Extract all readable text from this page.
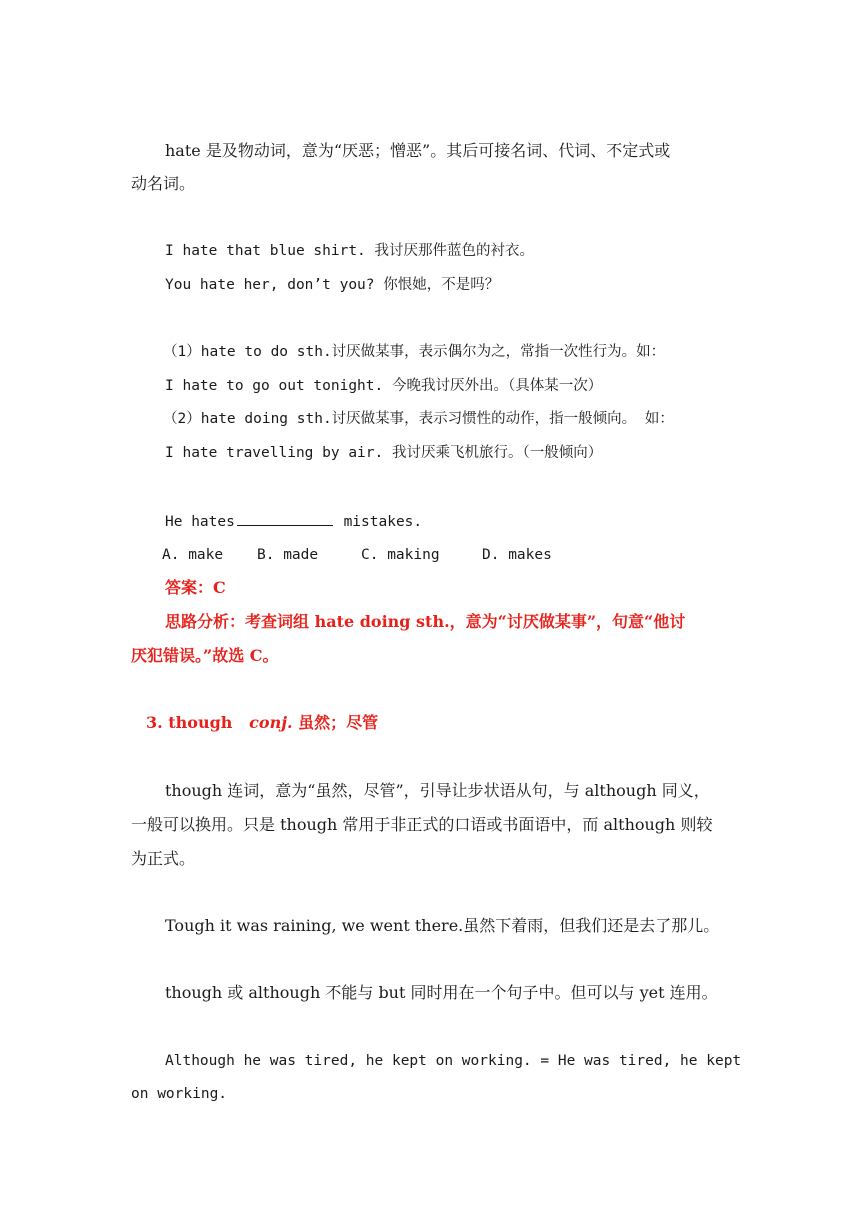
hate 是及物动词，意为“厌恶；憎恶”。其后可接名词、代词、不定式或
动名词。
I hate that blue shirt. 我讨厌那件蓝色的衬衣。
You hate her, don’t you? 你恨她，不是吗？
（1）hate to do sth.讨厌做某事，表示偶尔为之，常指一次性行为。如：
I hate to go out tonight. 今晚我讨厌外出。（具体某一次）
（2）hate doing sth.讨厌做某事，表示习惯性的动作，指一般倾向。 如：
I hate travelling by air. 我讨厌乘飞机旅行。（一般倾向）
He hates	mistakes.
A. make B. made	C. making	D. makes
答案：C
思路分析：考查词组 hate doing sth.，意为“讨厌做某事”，句意“他讨
厌犯错误。”故选 C。
3. though conj. 虽然；尽管
though 连词，意为“虽然，尽管”，引导让步状语从句，与 although 同义，
一般可以换用。只是 though 常用于非正式的口语或书面语中，而 although 则较
为正式。
Tough it was raining, we went there.虽然下着雨，但我们还是去了那儿。
though 或 although 不能与 but 同时用在一个句子中。但可以与 yet 连用。
Although he was tired, he kept on working. = He was tired, he kept
on working.
